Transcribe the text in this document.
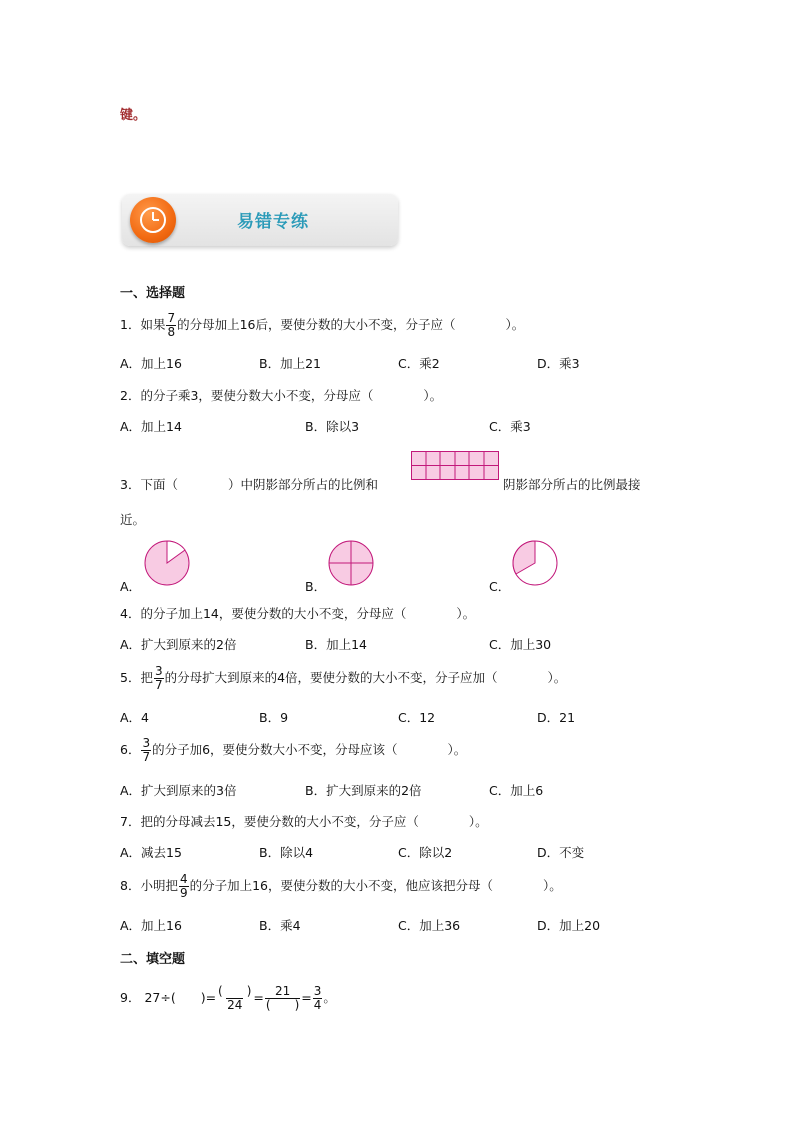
键。
易错专练
一、选择题
1．如果 $\frac{7}{8}$ 的分母加上16后，要使分数的大小不变，分子应（　　　　）。
A．加上16	B．加上21	C．乘2	D．乘3
2．的分子乘3，要使分数大小不变，分母应（　　　　）。
A．加上14	B．除以3	C．乘3
3．下面（　　　　）中阴影部分所占的比例和	阴影部分所占的比例最接
近。
A．	B．	C．
4．的分子加上14，要使分数的大小不变，分母应（　　　　）。
A．扩大到原来的2倍	B．加上14	C．加上30
5．把 $\frac{3}{7}$ 的分母扩大到原来的4倍，要使分数的大小不变，分子应加（　　　　）。
A．4	B．9	C．12	D．21
6． $\frac{3}{7}$ 的分子加6，要使分数大小不变，分母应该（　　　　）。
A．扩大到原来的3倍	B．扩大到原来的2倍	C．加上6
7．把的分母减去15，要使分数的大小不变，分子应（　　　　）。
A．减去15	B．除以4	C．除以2	D．不变
8．小明把 $\frac{4}{9}$ 的分子加上16，要使分数的大小不变，他应该把分母（　　　　）。
A．加上16	B．乘4	C．加上36	D．加上20
二、填空题
9． 27÷(　　)= $\frac{( )}{24} = \frac{21}{( )} = \frac{3}{4}$ 。
